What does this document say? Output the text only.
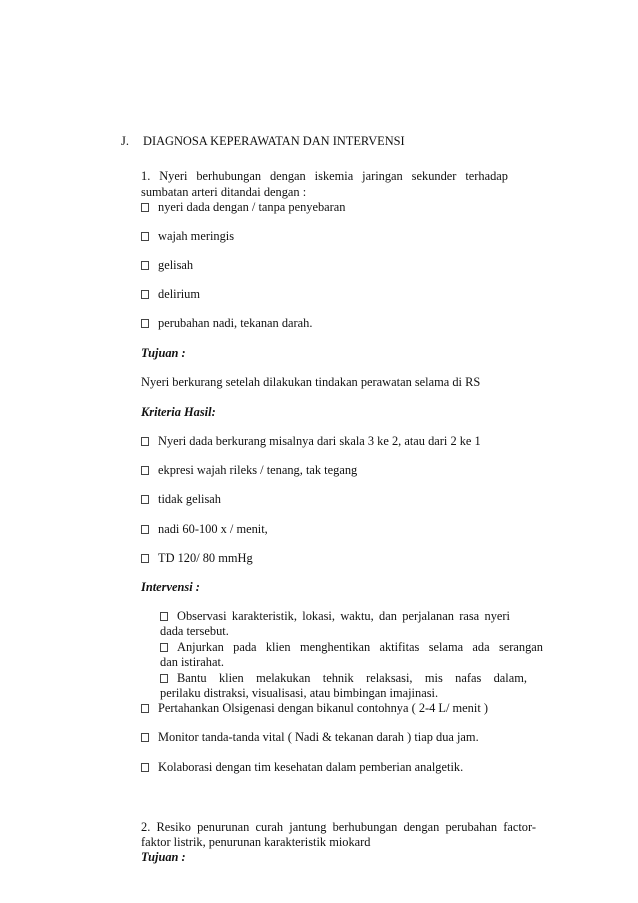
J. DIAGNOSA KEPERAWATAN DAN INTERVENSI
1. Nyeri berhubungan dengan iskemia jaringan sekunder terhadap
sumbatan arteri ditandai dengan :
nyeri dada dengan / tanpa penyebaran
wajah meringis
gelisah
delirium
perubahan nadi, tekanan darah.
Tujuan :
Nyeri berkurang setelah dilakukan tindakan perawatan selama di RS
Kriteria Hasil:
Nyeri dada berkurang misalnya dari skala 3 ke 2, atau dari 2 ke 1
ekpresi wajah rileks / tenang, tak tegang
tidak gelisah
nadi 60-100 x / menit,
TD 120/ 80 mmHg
Intervensi :
Observasi karakteristik, lokasi, waktu, dan perjalanan rasa nyeri
dada tersebut.
Anjurkan pada klien menghentikan aktifitas selama ada serangan
dan istirahat.
Bantu klien melakukan tehnik relaksasi, mis nafas dalam,
perilaku distraksi, visualisasi, atau bimbingan imajinasi.
Pertahankan Olsigenasi dengan bikanul contohnya ( 2-4 L/ menit )
Monitor tanda-tanda vital ( Nadi & tekanan darah ) tiap dua jam.
Kolaborasi dengan tim kesehatan dalam pemberian analgetik.
2. Resiko penurunan curah jantung berhubungan dengan perubahan factor-
faktor listrik, penurunan karakteristik miokard
Tujuan :
